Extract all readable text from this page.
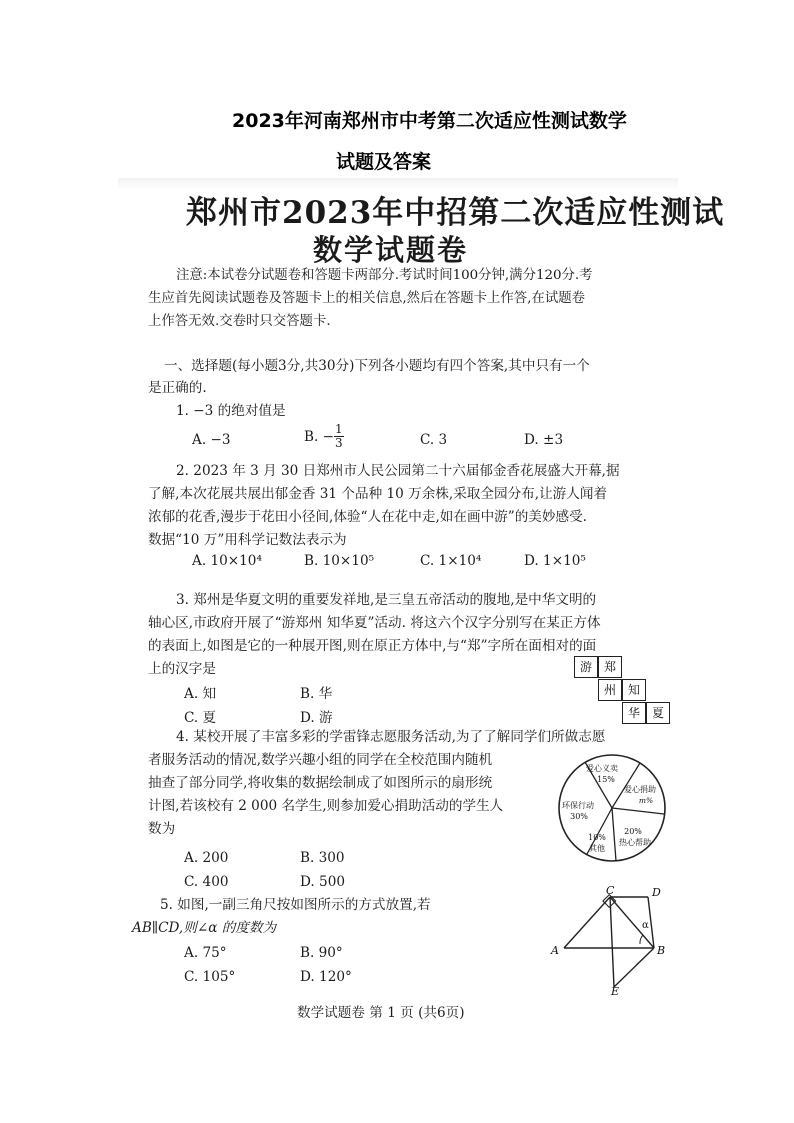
2023年河南郑州市中考第二次适应性测试数学
试题及答案
郑州市2023年中招第二次适应性测试
数学试题卷
注意:本试卷分试题卷和答题卡两部分.考试时间100分钟,满分120分.考
生应首先阅读试题卷及答题卡上的相关信息,然后在答题卡上作答,在试题卷
上作答无效.交卷时只交答题卡.
一、选择题(每小题3分,共30分)下列各小题均有四个答案,其中只有一个
是正确的.
1. −3 的绝对值是
A. −3	B. − $\frac{1}{3}$	C. 3	D. ±3
2. 2023 年 3 月 30 日郑州市人民公园第二十六届郁金香花展盛大开幕,据
了解,本次花展共展出郁金香 31 个品种 10 万余株,采取全园分布,让游人闻着
浓郁的花香,漫步于花田小径间,体验“人在花中走,如在画中游”的美妙感受.
数据“10 万”用科学记数法表示为
A. 10×10⁴	B. 10×10⁵	C. 1×10⁴	D. 1×10⁵
3. 郑州是华夏文明的重要发祥地,是三皇五帝活动的腹地,是中华文明的
轴心区,市政府开展了“游郑州 知华夏”活动. 将这六个汉字分别写在某正方体
的表面上,如图是它的一种展开图,则在原正方体中,与“郑”字所在面相对的面
上的汉字是
A. 知	B. 华
C. 夏	D. 游
游 郑
州 知
华 夏
4. 某校开展了丰富多彩的学雷锋志愿服务活动,为了了解同学们所做志愿
者服务活动的情况,数学兴趣小组的同学在全校范围内随机
抽查了部分同学,将收集的数据绘制成了如图所示的扇形统
计图,若该校有 2 000 名学生,则参加爱心捐助活动的学生人
数为
A. 200	B. 300
C. 400	D. 500
爱心义卖
15%
爱心捐助
m%
环保行动
30%
10%
其他
20%
热心帮助
5. 如图,一副三角尺按如图所示的方式放置,若
AB∥CD,则∠α 的度数为
A. 75°	B. 90°
C. 105°	D. 120°
C	D
A	B
E
α
数学试题卷 第 1 页 (共6页)
